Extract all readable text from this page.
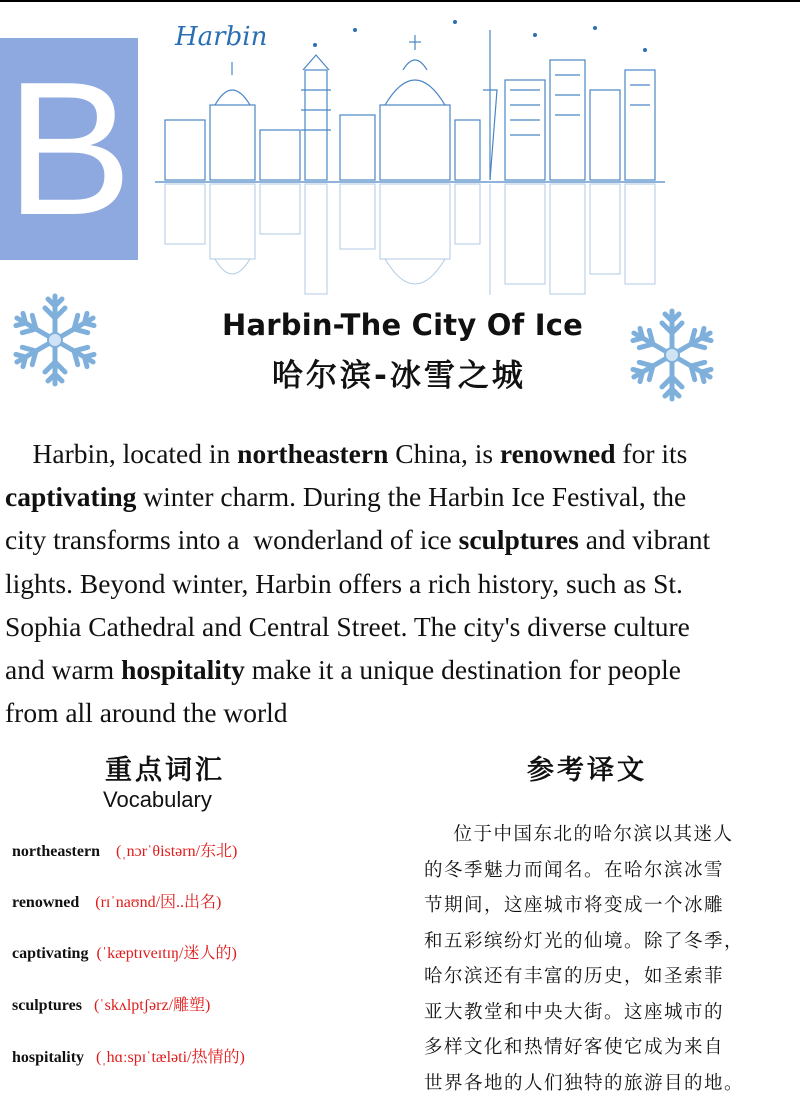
B
Harbin
Harbin-The City Of Ice
哈尔滨-冰雪之城
Harbin, located in northeastern China, is renowned for its
captivating winter charm. During the Harbin Ice Festival, the
city transforms into a  wonderland of ice sculptures and vibrant
lights. Beyond winter, Harbin offers a rich history, such as St.
Sophia Cathedral and Central Street. The city's diverse culture
and warm hospitality make it a unique destination for people
from all around the world
重点词汇
Vocabulary
northeastern (ˌnɔrˈθistərn/东北)
renowned (rɪˈnaʊnd/因..出名)
captivating (ˈkæptɪveɪtɪŋ/迷人的)
sculptures (ˈskʌlptʃərz/雕塑)
hospitality (ˌhɑːspɪˈtæləti/热情的)
参考译文
位于中国东北的哈尔滨以其迷人
的冬季魅力而闻名。在哈尔滨冰雪
节期间，这座城市将变成一个冰雕
和五彩缤纷灯光的仙境。除了冬季，
哈尔滨还有丰富的历史，如圣索菲
亚大教堂和中央大街。这座城市的
多样文化和热情好客使它成为来自
世界各地的人们独特的旅游目的地。
